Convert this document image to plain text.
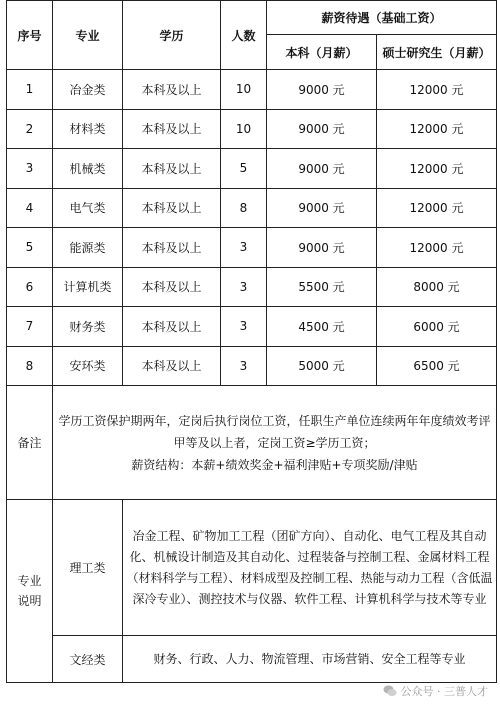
序号	专业	学历	人数	薪资待遇（基础工资）	
				本科（月薪）	硕士研究生（月薪）
1	冶金类	本科及以上	10	9000 元	12000 元
2	材料类	本科及以上	10	9000 元	12000 元
3	机械类	本科及以上	5	9000 元	12000 元
4	电气类	本科及以上	8	9000 元	12000 元
5	能源类	本科及以上	3	9000 元	12000 元
6	计算机类	本科及以上	3	5500 元	8000 元
7	财务类	本科及以上	3	4500 元	6000 元
8	安环类	本科及以上	3	5000 元	6500 元
备注	学历工资保护期两年，定岗后执行岗位工资，任职生产单位连续两年年度绩效考评甲等及以上者，定岗工资≥学历工资；
薪资结构：本薪+绩效奖金+福利津贴+专项奖励/津贴				

专业
说明	理工类	冶金工程、矿物加工工程（团矿方向）、自动化、电气工程及其自动化、机械设计制造及其自动化、过程装备与控制工程、金属材料工程（材料科学与工程）、材料成型及控制工程、热能与动力工程（含低温深冷专业）、测控技术与仪器、软件工程、计算机科学与技术等专业			
	文经类	财务、行政、人力、物流管理、市场营销、安全工程等专业			
公众号 · 三普人才
